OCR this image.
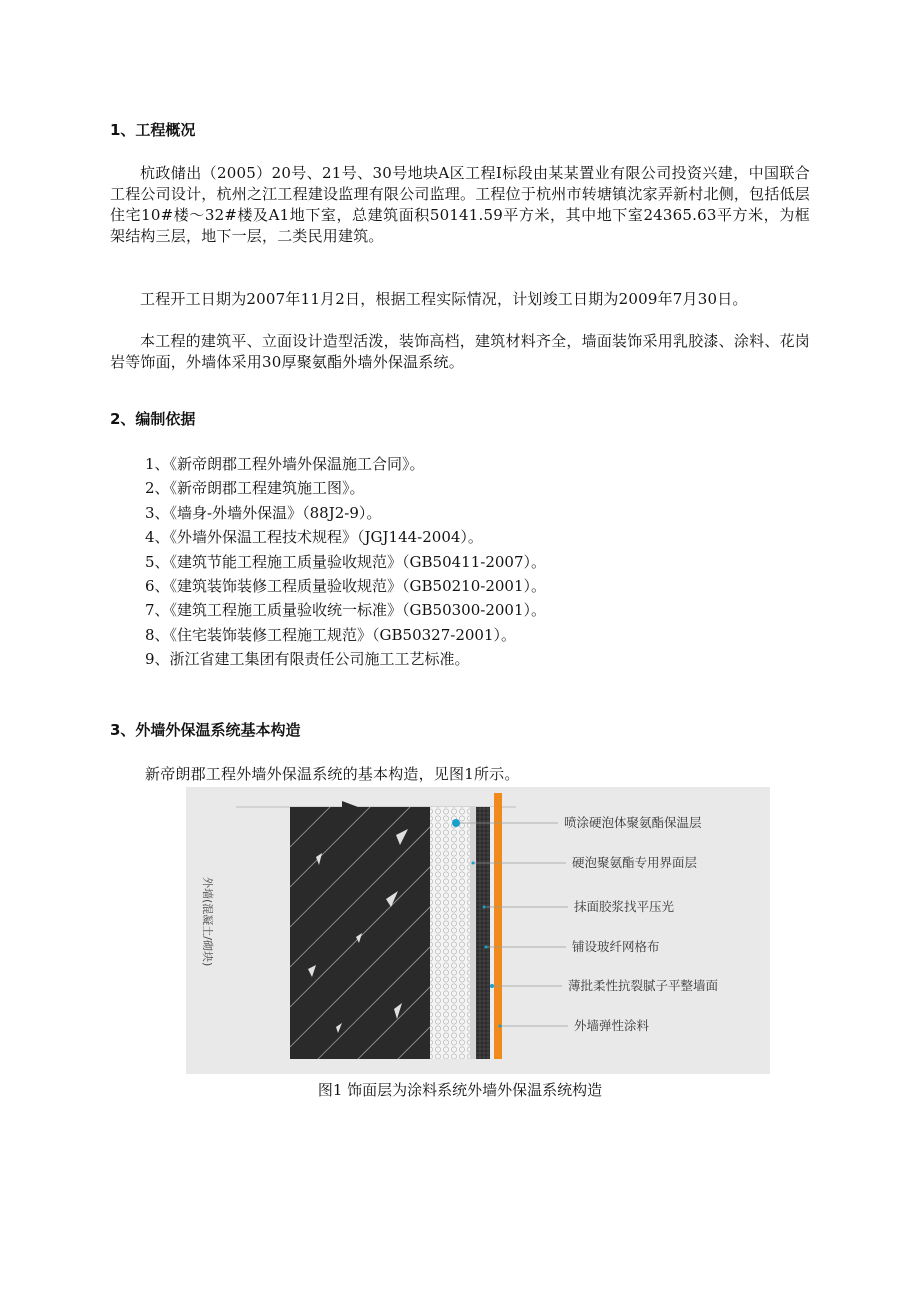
1、工程概况

杭政储出（2005）20号、21号、30号地块A区工程Ⅰ标段由某某置业有限公司投资兴建，中国联合工程公司设计，杭州之江工程建设监理有限公司监理。工程位于杭州市转塘镇沈家弄新村北侧，包括低层住宅10#楼～32#楼及A1地下室，总建筑面积50141.59平方米，其中地下室24365.63平方米，为框架结构三层，地下一层，二类民用建筑。

工程开工日期为2007年11月2日，根据工程实际情况，计划竣工日期为2009年7月30日。

本工程的建筑平、立面设计造型活泼，装饰高档，建筑材料齐全，墙面装饰采用乳胶漆、涂料、花岗岩等饰面，外墙体采用30厚聚氨酯外墙外保温系统。

2、编制依据
1、《新帝朗郡工程外墙外保温施工合同》。
2、《新帝朗郡工程建筑施工图》。
3、《墙身-外墙外保温》（88J2-9）。
4、《外墙外保温工程技术规程》（JGJ144-2004）。
5、《建筑节能工程施工质量验收规范》（GB50411-2007）。
6、《建筑装饰装修工程质量验收规范》（GB50210-2001）。
7、《建筑工程施工质量验收统一标准》（GB50300-2001）。
8、《住宅装饰装修工程施工规范》（GB50327-2001）。
9、浙江省建工集团有限责任公司施工工艺标准。
3、外墙外保温系统基本构造

新帝朗郡工程外墙外保温系统的基本构造，见图1所示。

外墙(混凝土/砌块)
喷涂硬泡体聚氨酯保温层
硬泡聚氨酯专用界面层
抹面胶浆找平压光
铺设玻纤网格布
薄批柔性抗裂腻子平整墙面
外墙弹性涂料
图1 饰面层为涂料系统外墙外保温系统构造
